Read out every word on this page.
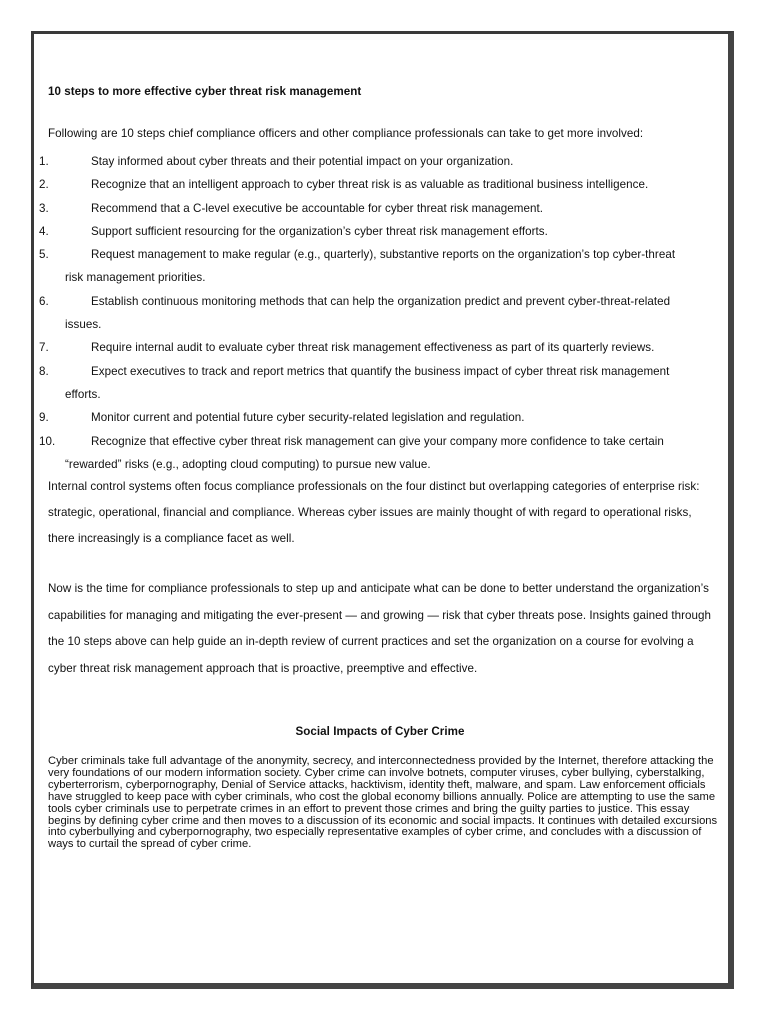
10 steps to more effective cyber threat risk management
Following are 10 steps chief compliance officers and other compliance professionals can take to get more involved:
1.	Stay informed about cyber threats and their potential impact on your organization.
2.	Recognize that an intelligent approach to cyber threat risk is as valuable as traditional business intelligence.
3.	Recommend that a C-level executive be accountable for cyber threat risk management.
4.	Support sufficient resourcing for the organization’s cyber threat risk management efforts.
5.	Request management to make regular (e.g., quarterly), substantive reports on the organization’s top cyber-threat
risk management priorities.
6.	Establish continuous monitoring methods that can help the organization predict and prevent cyber-threat-related
issues.
7.	Require internal audit to evaluate cyber threat risk management effectiveness as part of its quarterly reviews.
8.	Expect executives to track and report metrics that quantify the business impact of cyber threat risk management
efforts.
9.	Monitor current and potential future cyber security-related legislation and regulation.
10.	Recognize that effective cyber threat risk management can give your company more confidence to take certain
“rewarded” risks (e.g., adopting cloud computing) to pursue new value.
Internal control systems often focus compliance professionals on the four distinct but overlapping categories of enterprise risk: strategic, operational, financial and compliance. Whereas cyber issues are mainly thought of with regard to operational risks, there increasingly is a compliance facet as well.
Now is the time for compliance professionals to step up and anticipate what can be done to better understand the organization’s capabilities for managing and mitigating the ever-present — and growing — risk that cyber threats pose. Insights gained through the 10 steps above can help guide an in-depth review of current practices and set the organization on a course for evolving a cyber threat risk management approach that is proactive, preemptive and effective.
Social Impacts of Cyber Crime
Cyber criminals take full advantage of the anonymity, secrecy, and interconnectedness provided by the Internet, therefore attacking the very foundations of our modern information society. Cyber crime can involve botnets, computer viruses, cyber bullying, cyberstalking, cyberterrorism, cyberpornography, Denial of Service attacks, hacktivism, identity theft, malware, and spam. Law enforcement officials have struggled to keep pace with cyber criminals, who cost the global economy billions annually. Police are attempting to use the same tools cyber criminals use to perpetrate crimes in an effort to prevent those crimes and bring the guilty parties to justice. This essay begins by defining cyber crime and then moves to a discussion of its economic and social impacts. It continues with detailed excursions into cyberbullying and cyberpornography, two especially representative examples of cyber crime, and concludes with a discussion of ways to curtail the spread of cyber crime.
